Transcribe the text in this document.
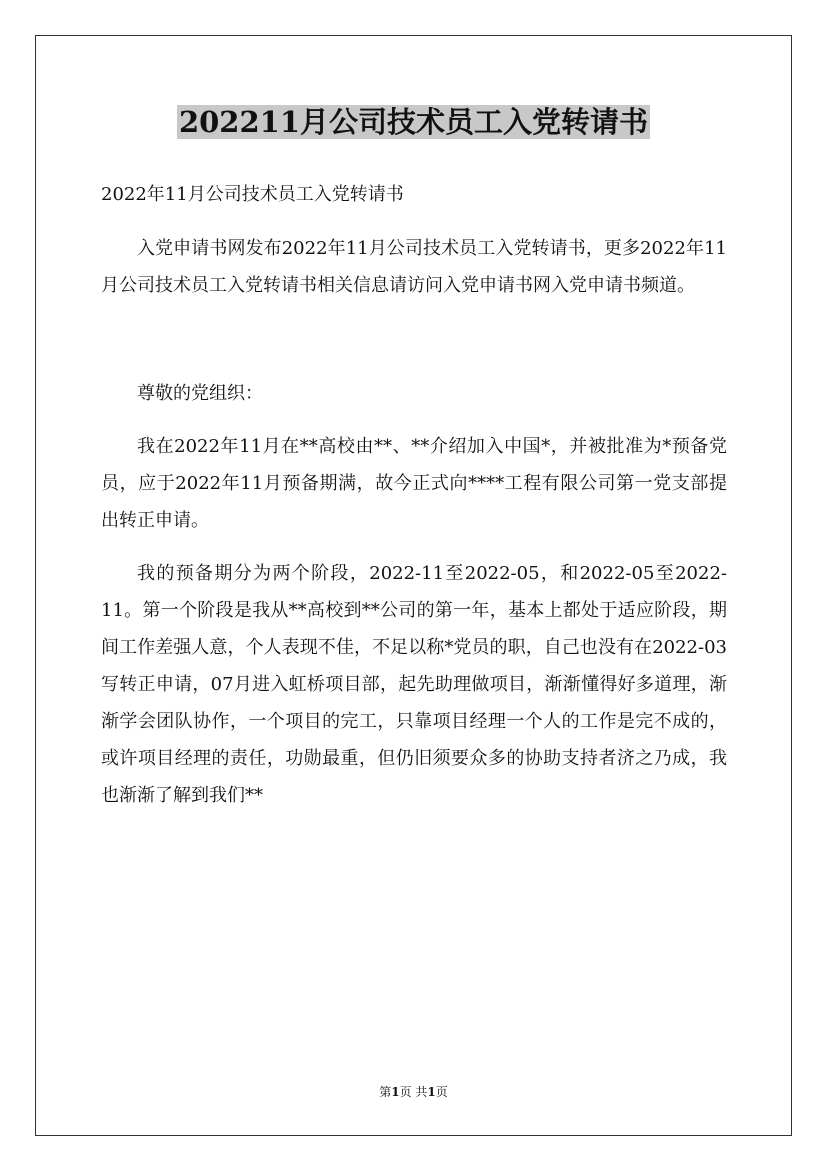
202211月公司技术员工入党转请书

2022年11月公司技术员工入党转请书

入党申请书网发布2022年11月公司技术员工入党转请书，更多2022年11月公司技术员工入党转请书相关信息请访问入党申请书网入党申请书频道。

尊敬的党组织：

我在2022年11月在**高校由**、**介绍加入中国*，并被批准为*预备党员，应于2022年11月预备期满，故今正式向****工程有限公司第一党支部提出转正申请。

我的预备期分为两个阶段，2022-11至2022-05，和2022-05至2022-11。第一个阶段是我从**高校到**公司的第一年，基本上都处于适应阶段，期间工作差强人意，个人表现不佳，不足以称*党员的职，自己也没有在2022-03写转正申请，07月进入虹桥项目部，起先助理做项目，渐渐懂得好多道理，渐渐学会团队协作，一个项目的完工，只靠项目经理一个人的工作是完不成的，或许项目经理的责任，功勋最重，但仍旧须要众多的协助支持者济之乃成，我也渐渐了解到我们**

第1页 共1页
